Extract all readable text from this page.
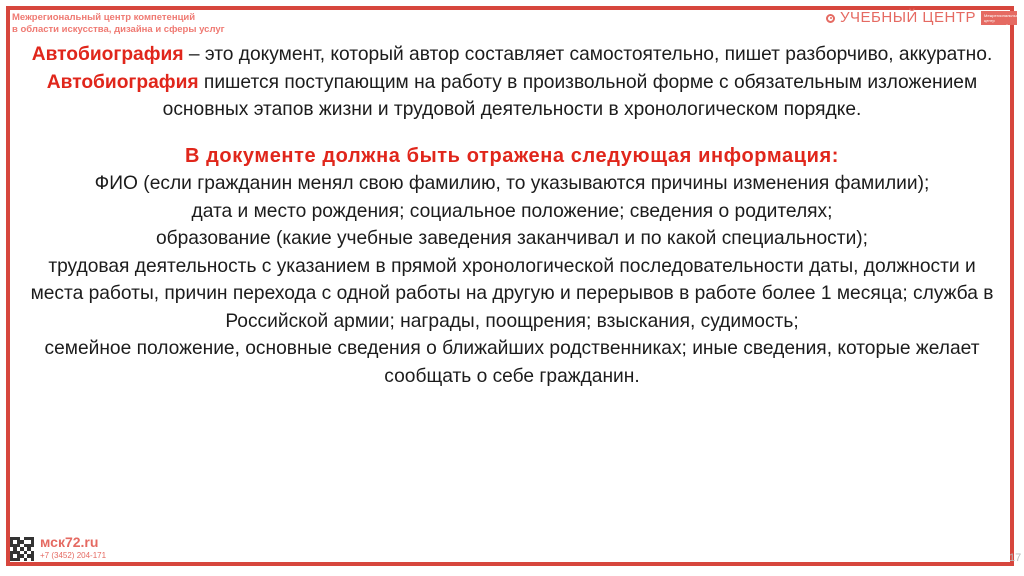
Межрегиональный центр компетенций
в области искусства, дизайна и сферы услуг
УЧЕБНЫЙ ЦЕНТР	Межрегиональный центр компетенций

Автобиография – это документ, который автор составляет самостоятельно, пишет разборчиво, аккуратно.

Автобиография пишется поступающим на работу в произвольной форме с обязательным изложением основных этапов жизни и трудовой деятельности в хронологическом порядке.

В документе должна быть отражена следующая информация:

ФИО (если гражданин менял свою фамилию, то указываются причины изменения фамилии);

дата и место рождения; социальное положение; сведения о родителях;

образование (какие учебные заведения заканчивал и по какой специальности);

трудовая деятельность с указанием в прямой хронологической последовательности даты, должности и места работы, причин перехода с одной работы на другую и перерывов в работе более 1 месяца; служба в Российской армии; награды, поощрения; взыскания, судимость;

семейное положение, основные сведения о ближайших родственниках; иные сведения, которые желает сообщать о себе гражданин.

мск72.ru
+7 (3452) 204-171	17
